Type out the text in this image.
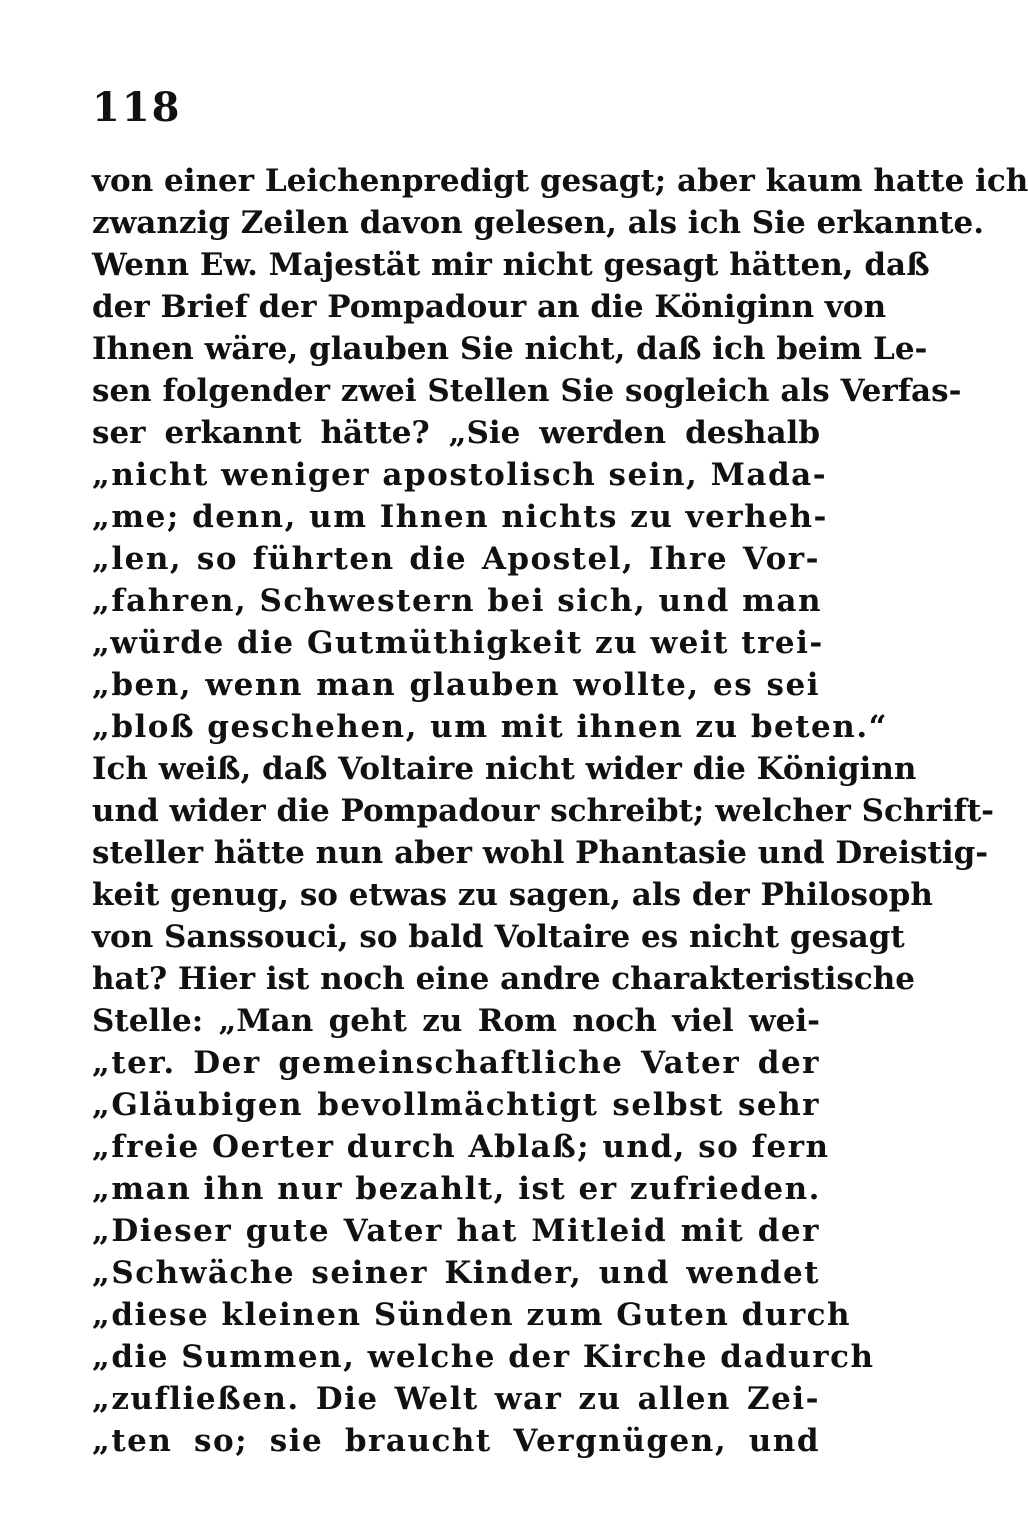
118
von einer Leichenpredigt gesagt; aber kaum hatte ich
zwanzig Zeilen davon gelesen, als ich Sie erkannte.
Wenn Ew. Majestät mir nicht gesagt hätten, daß
der Brief der Pompadour an die Königinn von
Ihnen wäre, glauben Sie nicht, daß ich beim Le-
sen folgender zwei Stellen Sie sogleich als Verfas-
ser erkannt hätte? „Sie werden deshalb
„nicht weniger apostolisch sein, Mada-
„me; denn, um Ihnen nichts zu verheh-
„len, so führten die Apostel, Ihre Vor-
„fahren, Schwestern bei sich, und man
„würde die Gutmüthigkeit zu weit trei-
„ben, wenn man glauben wollte, es sei
„bloß geschehen, um mit ihnen zu beten.“
Ich weiß, daß Voltaire nicht wider die Königinn
und wider die Pompadour schreibt; welcher Schrift-
steller hätte nun aber wohl Phantasie und Dreistig-
keit genug, so etwas zu sagen, als der Philosoph
von Sanssouci, so bald Voltaire es nicht gesagt
hat? Hier ist noch eine andre charakteristische
Stelle: „Man geht zu Rom noch viel wei-
„ter. Der gemeinschaftliche Vater der
„Gläubigen bevollmächtigt selbst sehr
„freie Oerter durch Ablaß; und, so fern
„man ihn nur bezahlt, ist er zufrieden.
„Dieser gute Vater hat Mitleid mit der
„Schwäche seiner Kinder, und wendet
„diese kleinen Sünden zum Guten durch
„die Summen, welche der Kirche dadurch
„zufließen. Die Welt war zu allen Zei-
„ten so; sie braucht Vergnügen, und
